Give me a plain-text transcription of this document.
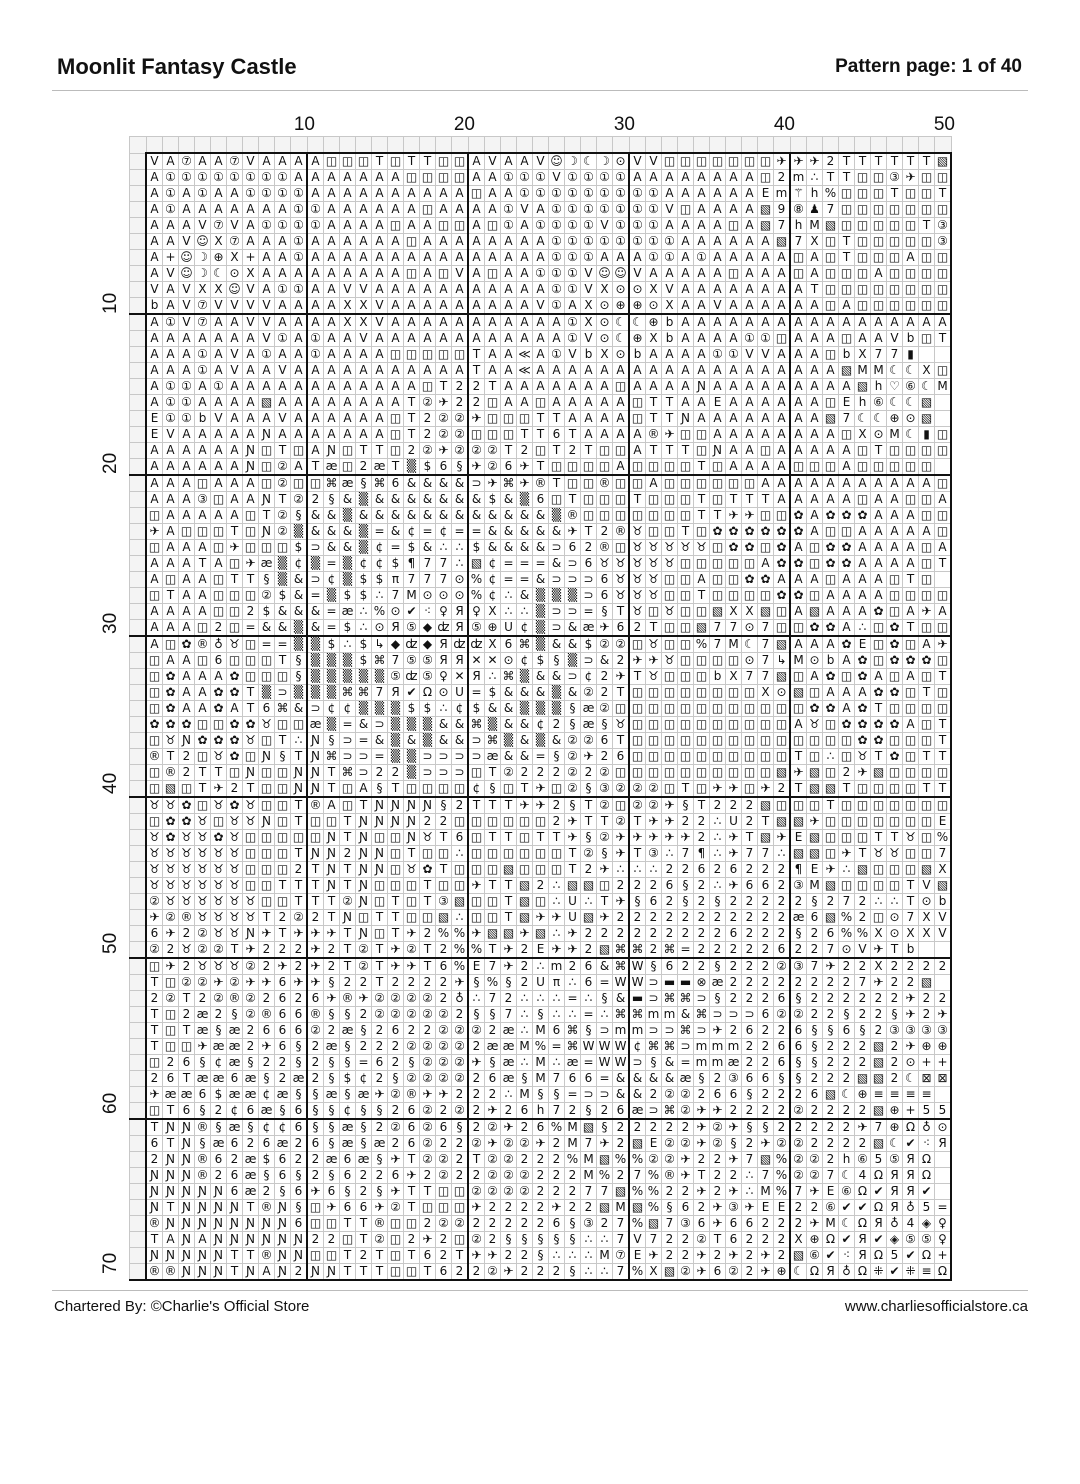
Moonlit Fantasy Castle	Pattern page: 1 of 40
10	20	30	40	50
10
20
30
40
50
60
70

	V	A	⑦	A	A	⑦	V	A	A	A	A	◫	◫	◫	T	◫	T	T	◫	◫	A	V	A	A	V	☺	☽	☾	☽	⊙	V	V	◫	◫	◫	◫	◫	◫	◫	✈	✈	✈	2	T	T	T	T	T	T	▧
	A	①	①	①	①	①	①	①	①	A	A	A	A	A	A	A	◫	◫	◫	◫	A	A	①	①	①	V	①	①	①	①	A	A	A	A	A	A	A	A	◫	2	m	∴	T	T	◫	◫	③	✈	◫	◫
	A	①	A	①	A	A	①	①	①	①	A	A	A	A	A	A	A	A	A	A	◫	A	A	①	①	①	①	①	①	①	①	①	A	A	A	A	A	A	E	m	⚚	h	%	◫	◫	◫	T	◫	◫	T
	A	①	A	A	A	A	A	A	A	①	①	A	A	A	A	A	A	◫	A	A	A	A	①	V	A	①	①	①	①	①	①	①	V	◫	A	A	A	A	▧	9	⑧	♟	7	◫	◫	◫	◫	◫	◫	◫
	A	A	A	V	⑦	V	A	①	①	①	①	A	A	A	A	◫	A	A	◫	◫	A	◫	①	A	①	①	①	①	V	①	①	①	A	A	A	A	◫	A	▧	7	h	M	▧	◫	◫	◫	◫	◫	T	③
	A	A	V	☺	X	⑦	A	A	A	①	A	A	A	A	A	A	◫	A	A	A	A	A	A	A	A	①	①	①	①	①	①	①	①	A	A	A	A	A	A	▧	7	X	◫	T	◫	◫	◫	◫	◫	③
	A	+	☺	☽	⊕	X	+	A	A	①	A	A	A	A	A	A	A	A	A	A	A	A	A	A	A	①	①	①	A	A	A	①	①	A	①	A	A	A	A	A	◫	A	◫	T	◫	◫	◫	A	◫	◫
	A	V	☺	☽	☾	⊙	X	A	A	A	A	A	A	A	A	A	◫	A	◫	V	A	◫	A	A	①	①	①	V	☺	☺	V	A	A	A	A	A	◫	A	A	A	◫	A	◫	◫	◫	A	◫	◫	◫	◫
	V	A	V	X	X	☺	V	A	①	①	A	A	V	V	A	A	A	A	A	A	A	A	A	A	A	①	①	V	X	⊙	⊙	X	V	A	A	A	A	A	A	A	A	T	◫	◫	◫	◫	◫	◫	◫	◫
	b	A	V	⑦	V	V	V	V	A	A	A	A	X	X	V	A	A	A	A	A	A	A	A	A	V	①	A	X	⊙	⊕	⊕	⊙	X	A	A	V	A	A	A	A	A	A	◫	A	◫	◫	◫	◫	◫	◫
	A	①	V	⑦	A	A	V	V	A	A	A	A	X	X	V	A	A	A	A	A	A	A	A	A	A	A	①	X	⊙	☾	☾	⊕	b	A	A	A	A	A	A	A	A	A	A	A	A	A	A	A	A	A
	A	A	A	A	A	A	A	V	①	A	①	A	A	V	A	A	A	A	A	A	A	A	A	A	A	A	①	V	⊙	☾	⊕	X	b	A	A	A	A	①	①	◫	A	A	A	◫	A	A	V	b	◫	T
	A	A	A	①	A	V	A	①	A	A	①	A	A	A	A	◫	◫	◫	◫	◫	T	A	A	≪	A	①	V	b	X	⊙	b	A	A	A	A	①	①	V	V	A	A	A	◫	b	X	7	7	▮		
	A	A	A	①	A	V	A	A	V	A	A	A	A	A	A	A	A	A	A	A	T	A	A	≪	A	A	A	A	A	A	A	A	A	A	A	A	A	A	A	A	A	A	A	▧	M	M	☾	☾	X	◫
	A	①	①	A	①	A	A	A	A	A	A	A	A	A	A	A	A	◫	T	2	2	T	A	A	A	A	A	A	A	◫	A	A	A	A	Ɲ	A	A	A	A	A	A	A	A	A	▧	h	♡	⑥	☾	M
	A	①	①	A	A	A	A	▧	A	A	A	A	A	A	A	A	T	②	✈	2	2	◫	A	A	◫	A	A	A	A	A	◫	T	T	A	A	E	A	A	A	A	A	A	◫	E	h	⑥	☾	☾	▧	
	E	①	①	b	V	A	A	A	V	A	A	A	A	A	A	◫	T	2	②	②	✈	◫	◫	◫	T	T	A	A	A	A	◫	T	T	Ɲ	A	A	A	A	A	A	A	A	▧	7	☾	☾	⊕	⊙	▧	
	E	V	A	A	A	A	A	Ɲ	A	A	A	A	A	A	A	◫	T	2	②	②	◫	◫	◫	T	T	6	T	A	A	A	A	®	✈	◫	◫	A	A	A	A	A	A	A	A	◫	X	⊙	M	☾	▮	◫
	A	A	A	A	A	A	Ɲ	◫	T	◫	A	Ɲ	◫	T	T	◫	2	②	✈	②	②	②	T	2	◫	T	2	T	◫	◫	A	T	T	T	◫	Ɲ	A	A	◫	A	A	A	A	A	◫	T	◫	◫	◫	◫
	A	A	A	A	A	A	Ɲ	◫	②	A	T	æ	◫	2	æ	T	▒	$	6	§	✈	②	6	✈	T	◫	◫	◫	◫	A	◫	◫	◫	◫	T	◫	A	A	A	A	◫	◫	◫	A	◫	◫	◫	◫	◫	
	A	A	A	◫	A	A	A	◫	②	◫	◫	⌘	æ	§	⌘	6	&	&	&	&	⊃	✈	⌘	✈	®	T	◫	◫	®	◫	◫	A	◫	◫	◫	◫	◫	◫	A	A	A	A	A	A	A	A	A	A	A	◫
	A	A	A	③	◫	A	A	Ɲ	T	②	2	§	&	▒	&	&	&	&	&	&	&	$	&	▒	6	◫	T	◫	◫	◫	T	◫	◫	◫	T	◫	T	T	T	A	A	A	A	A	◫	A	A	◫	◫	A
	◫	A	A	A	A	A	◫	T	②	§	&	&	▒	&	&	&	&	&	&	&	&	&	&	&	&	▒	®	◫	◫	◫	◫	◫	◫	◫	T	T	✈	✈	◫	◫	✿	A	✿	✿	✿	A	A	A	◫	◫
	✈	A	◫	◫	◫	T	◫	Ɲ	②	▒	&	&	&	▒	=	&	¢	=	¢	=	=	&	&	&	&	&	✈	T	2	®	♉	◫	◫	T	◫	✿	✿	✿	✿	✿	✿	A	◫	◫	A	A	A	A	A	◫
	◫	A	A	A	◫	✈	◫	◫	◫	$	⊃	&	&	▒	¢	=	$	&	∴	∴	$	&	&	&	&	⊃	6	2	®	◫	♉	♉	♉	♉	♉	◫	✿	✿	◫	✿	A	◫	✿	✿	A	A	A	A	◫	A
	A	A	A	T	A	◫	✈	æ	▒	¢	▒	=	▒	¢	¢	$	¶	7	7	∴	▧	¢	=	=	=	&	⊃	6	♉	♉	♉	♉	♉	◫	◫	◫	◫	◫	A	✿	✿	◫	✿	✿	A	A	A	A	◫	T
	A	◫	A	A	◫	T	T	§	▒	&	⊃	¢	▒	$	$	π	7	7	7	⊙	%	¢	=	=	&	⊃	⊃	⊃	6	♉	♉	♉	◫	◫	A	◫	◫	✿	✿	A	A	A	◫	A	A	A	◫	T	◫	
	◫	T	A	A	◫	◫	◫	②	$	&	=	▒	$	$	∴	7	M	⊙	⊙	⊙	%	¢	∴	&	▒	▒	▒	⊃	6	♉	♉	♉	◫	◫	T	◫	◫	◫	◫	✿	✿	◫	A	A	A	A	◫	◫	◫	◫
	A	A	A	A	◫	◫	2	$	&	&	&	=	æ	∴	%	⊙	✔	⁖	♀	Я	♀	X	∴	∴	▒	⊃	⊃	=	§	T	♉	◫	♉	◫	◫	▧	X	X	▧	◫	A	▧	A	A	A	✿	◫	A	✈	A
	A	A	A	◫	2	◫	=	&	&	▒	&	=	$	∴	⊙	Я	⑤	◆	ʣ	Я	⑤	⊕	U	¢	▒	⊃	&	æ	✈	6	2	T	◫	◫	▧	7	7	⊙	7	◫	◫	✿	✿	A	∴	◫	✿	T	◫	◫
	A	◫	✿	®	♁	♉	◫	=	=	▒	▒	$	∴	$	↳	◆	ʣ	◆	Я	ʣ	ʣ	X	6	⌘	▒	&	&	$	②	②	◫	♉	◫	◫	%	7	M	☾	7	▧	A	A	A	✿	E	◫	✿	◫	A	✈
	◫	A	A	◫	6	◫	◫	◫	T	§	▒	▒	▒	$	⌘	7	⑤	⑤	Я	Я	✕	✕	⊙	¢	$	§	▒	⊃	&	2	✈	✈	♉	◫	◫	◫	◫	⊙	7	↳	M	⊙	b	A	✿	◫	✿	✿	✿	◫
	◫	✿	A	A	A	✿	◫	◫	◫	§	▒	▒	▒	▒	▒	⑤	ʣ	⑤	♀	✕	Я	∴	⌘	▒	&	&	⊃	¢	2	✈	T	♉	◫	◫	◫	b	X	7	7	▧	◫	A	✿	◫	✿	A	◫	A	◫	T
	◫	✿	A	A	✿	✿	T	▒	⊃	▒	▒	▒	⌘	⌘	7	Я	✔	Ω	⊙	U	=	$	&	&	&	▒	&	②	2	T	◫	◫	◫	◫	◫	◫	◫	◫	X	⊙	▧	◫	A	A	A	✿	✿	◫	T	◫
	◫	✿	A	A	✿	A	T	6	⌘	&	⊃	¢	¢	▒	▒	▒	$	$	∴	¢	$	&	&	▒	▒	▒	§	æ	②	◫	◫	◫	◫	◫	◫	◫	◫	◫	◫	◫	◫	✿	✿	A	✿	T	◫	◫	◫	◫
	✿	✿	✿	◫	◫	✿	✿	♉	◫	◫	æ	▒	=	&	⊃	▒	▒	▒	&	&	⌘	▒	&	&	¢	2	§	æ	§	♉	◫	◫	◫	◫	◫	◫	◫	◫	◫	◫	A	♉	◫	✿	✿	✿	✿	A	◫	T
	◫	♉	Ɲ	✿	✿	✿	♉	◫	T	∴	Ɲ	§	⊃	=	&	▒	&	▒	&	&	⊃	⌘	▒	&	▒	&	②	②	6	T	◫	◫	◫	◫	◫	◫	◫	◫	◫	◫	◫	◫	◫	◫	✿	✿	◫	◫	◫	T
	®	T	2	◫	♉	✿	◫	Ɲ	§	T	Ɲ	⌘	⊃	⊃	=	▒	▒	⊃	⊃	⊃	⊃	æ	&	&	=	§	②	✈	2	6	◫	◫	◫	◫	◫	◫	◫	◫	◫	◫	T	◫	∴	◫	♉	T	✿	◫	T	T
	◫	®	2	T	T	◫	Ɲ	◫	◫	Ɲ	Ɲ	T	⌘	⊃	2	2	▒	⊃	⊃	⊃	◫	T	②	2	2	2	②	2	②	◫	◫	◫	◫	◫	◫	◫	◫	◫	◫	▧	✈	▧	◫	2	✈	▧	◫	◫	◫	◫
	◫	▧	◫	T	✈	2	T	◫	◫	Ɲ	Ɲ	T	◫	A	§	T	◫	◫	◫	◫	¢	§	◫	T	✈	◫	②	§	③	②	②	②	◫	T	◫	✈	✈	◫	✈	2	T	▧	▧	T	◫	◫	◫	◫	T	T
	♉	♉	✿	◫	♉	✿	♉	◫	◫	T	®	A	◫	T	Ɲ	Ɲ	Ɲ	Ɲ	§	2	T	T	T	✈	✈	2	§	T	②	◫	②	②	✈	§	T	2	2	2	▧	◫	◫	◫	T	◫	◫	◫	◫	◫	◫	◫
	◫	✿	✿	♉	◫	♉	♉	Ɲ	◫	T	◫	◫	T	Ɲ	Ɲ	Ɲ	Ɲ	2	2	◫	◫	◫	◫	◫	◫	2	✈	T	T	②	T	✈	✈	2	2	∴	U	2	T	▧	▧	✈	◫	◫	◫	◫	◫	◫	◫	E
	♉	✿	♉	♉	✿	♉	◫	◫	◫	◫	◫	Ɲ	T	Ɲ	◫	◫	Ɲ	♉	T	6	◫	T	T	◫	T	T	✈	§	②	✈	✈	✈	✈	✈	2	∴	✈	T	▧	✈	E	▧	◫	◫	◫	T	T	♉	◫	%
	♉	♉	♉	♉	♉	♉	◫	◫	◫	T	Ɲ	Ɲ	2	Ɲ	Ɲ	◫	T	◫	◫	∴	◫	◫	◫	◫	◫	◫	T	②	§	✈	T	③	∴	7	¶	∴	✈	7	7	∴	▧	▧	◫	✈	T	♉	♉	◫	◫	7
	♉	♉	♉	♉	♉	♉	◫	◫	◫	2	T	Ɲ	T	Ɲ	Ɲ	◫	♉	✿	T	◫	◫	◫	▧	◫	◫	◫	T	2	✈	∴	∴	∴	2	2	6	2	6	2	2	2	¶	E	✈	∴	▧	◫	◫	◫	▧	X
	♉	♉	♉	♉	♉	♉	◫	◫	T	T	T	Ɲ	T	Ɲ	◫	◫	◫	T	◫	◫	✈	T	T	▧	2	∴	▧	▧	◫	2	2	2	6	§	2	∴	✈	6	6	2	③	M	▧	◫	◫	◫	◫	T	V	▧
	②	♉	♉	♉	♉	♉	♉	◫	◫	T	T	T	②	Ɲ	◫	T	◫	T	③	▧	◫	◫	T	▧	◫	∴	U	∴	T	✈	§	6	2	§	2	§	2	2	2	2	2	§	2	7	2	∴	∴	T	⊙	b
	✈	②	®	♉	♉	♉	♉	T	2	②	2	T	Ɲ	◫	T	T	◫	◫	▧	∴	◫	◫	T	▧	✈	✈	U	▧	✈	2	2	2	2	2	2	2	2	2	2	2	æ	6	▧	%	2	◫	⊙	7	X	V
	6	✈	2	②	♉	♉	Ɲ	✈	T	✈	✈	✈	T	Ɲ	◫	T	✈	2	%	%	✈	▧	▧	✈	▧	∴	✈	2	2	2	2	2	2	2	2	2	6	2	2	2	§	2	6	%	%	X	⊙	X	X	V
	②	2	♉	②	②	T	✈	2	2	2	✈	2	T	②	T	✈	②	T	2	%	%	T	✈	2	E	✈	✈	2	▧	⌘	⌘	2	⌘	=	2	2	2	2	2	6	2	2	7	⊙	V	✈	T	b		
	◫	✈	2	♉	♉	♉	②	2	✈	2	✈	2	T	②	T	✈	✈	T	6	%	E	7	✈	2	∴	m	2	6	&	⌘	W	§	6	2	2	§	2	2	2	②	③	7	✈	2	2	X	2	2	2	2
	T	◫	②	②	✈	②	✈	✈	6	✈	✈	§	2	2	T	2	2	2	2	✈	§	%	§	2	U	π	∴	6	=	W	W	⊃	▬	▬	⊗	æ	2	2	2	2	2	2	2	2	7	✈	2	2	▧	
	2	②	T	2	②	®	②	2	6	2	6	✈	®	✈	②	②	②	②	2	♁	∴	7	2	∴	∴	∴	=	∴	§	&	▬	⊃	⌘	⌘	⊃	§	2	2	2	6	§	2	2	2	2	2	2	✈	2	2
	T	◫	2	æ	2	§	②	®	6	6	®	§	§	2	②	②	②	②	②	2	§	§	7	∴	§	∴	∴	=	∴	⌘	⌘	m	m	&	⌘	⊃	⊃	⊃	6	②	②	2	2	§	2	2	§	✈	2	✈
	T	◫	T	æ	§	æ	2	6	6	6	②	2	æ	§	2	6	2	2	②	②	②	2	æ	∴	M	6	⌘	§	⊃	m	m	⊃	⊃	⌘	⊃	✈	2	6	2	2	6	§	§	6	§	2	③	③	③	③
	T	◫	◫	✈	æ	æ	2	✈	6	§	2	æ	§	2	2	2	②	②	②	②	2	æ	æ	M	%	=	⌘	W	W	W	¢	⌘	⌘	⊃	m	m	m	2	2	6	6	§	2	2	2	▧	2	✈	⊕	⊕
	◫	2	6	§	¢	æ	§	2	2	§	2	§	§	=	6	2	§	②	②	②	✈	§	æ	∴	M	∴	æ	=	W	W	⊃	§	&	=	m	m	æ	2	2	6	§	§	2	2	2	▧	2	⊙	+	+
	2	6	T	æ	æ	6	æ	§	2	æ	2	§	$	¢	2	§	②	②	②	②	2	6	æ	§	M	7	6	6	=	&	&	&	&	æ	§	2	③	6	6	§	§	2	2	2	▧	▧	2	☾	⊠	⊠
	✈	æ	æ	6	$	æ	æ	¢	æ	§	§	æ	§	æ	✈	②	®	✈	✈	2	2	2	∴	M	§	§	=	⊃	⊃	&	&	2	②	②	2	6	6	§	2	2	2	6	▧	☾	⊕	≡	≡	≡	≡	
	◫	T	6	§	2	¢	6	æ	§	6	§	§	¢	§	§	2	6	②	2	②	2	✈	2	6	h	7	2	§	2	6	æ	⊃	⌘	②	✈	✈	2	2	2	2	②	2	2	2	2	▧	⊕	+	5	5
	T	Ɲ	Ɲ	®	§	æ	§	¢	¢	6	§	§	æ	§	2	②	6	②	6	§	2	②	✈	2	6	%	M	▧	§	2	2	2	2	2	✈	②	✈	§	§	2	2	2	2	2	✈	7	⊕	Ω	♁	⊙
	6	T	Ɲ	§	æ	6	2	6	æ	2	6	§	æ	§	æ	2	6	②	2	2	②	✈	②	②	✈	2	M	7	✈	2	▧	E	②	②	✈	②	§	2	✈	②	②	2	2	2	2	▧	☾	✔	⁖	Я
	2	Ɲ	Ɲ	®	6	2	æ	$	6	2	2	æ	6	æ	§	✈	T	②	②	2	T	②	②	2	2	2	%	M	▧	%	%	②	②	✈	2	2	✈	7	▧	%	②	②	2	h	⑥	5	⑤	Я	Ω	
	Ɲ	Ɲ	Ɲ	®	2	6	æ	§	6	§	2	§	6	2	2	6	✈	2	②	2	2	②	②	②	2	2	2	M	%	2	7	%	®	✈	T	2	2	∴	7	%	②	②	7	☾	4	Ω	Я	Я	Ω	
	Ɲ	Ɲ	Ɲ	Ɲ	Ɲ	6	æ	2	§	6	✈	6	§	2	§	✈	T	T	◫	◫	②	②	②	②	2	2	2	7	7	▧	%	%	2	2	✈	2	✈	∴	M	%	7	✈	E	⑥	Ω	✔	Я	Я	✔	
	Ɲ	T	Ɲ	Ɲ	Ɲ	Ɲ	T	®	Ɲ	§	◫	✈	6	6	✈	②	T	◫	◫	◫	✈	2	2	2	2	✈	2	2	▧	M	▧	%	§	6	2	✈	③	✈	E	E	2	2	⑥	✔	✔	Ω	Я	♁	5	=
	®	Ɲ	Ɲ	Ɲ	Ɲ	Ɲ	Ɲ	Ɲ	Ɲ	6	◫	◫	T	T	®	◫	◫	2	②	②	2	2	2	2	2	6	§	③	2	7	%	▧	7	③	6	✈	6	6	2	2	2	✈	M	☾	Ω	Я	♁	4	◈	♀
	T	A	Ɲ	A	Ɲ	Ɲ	Ɲ	Ɲ	Ɲ	Ɲ	2	2	◫	T	②	◫	2	✈	2	◫	②	2	§	§	§	§	§	∴	∴	7	V	7	2	2	②	T	6	2	2	2	X	⊕	Ω	✔	Я	✔	◈	⑤	⑤	♀
	Ɲ	Ɲ	Ɲ	Ɲ	Ɲ	T	T	®	Ɲ	Ɲ	◫	◫	T	2	T	◫	T	6	2	T	✈	✈	2	2	§	∴	∴	∴	M	⑦	E	✈	2	2	✈	2	✈	2	✈	2	▧	⑥	✔	⁖	Я	Ω	5	✔	Ω	+
	®	®	Ɲ	Ɲ	Ɲ	T	Ɲ	A	Ɲ	2	Ɲ	Ɲ	T	T	T	◫	◫	T	6	2	2	②	✈	2	2	2	§	∴	∴	7	%	X	▧	②	✈	6	②	2	✈	⊕	☾	Ω	Я	♁	Ω	⁜	✔	⁜	≡	Ω
Chartered By: ©Charlie's Official Store	www.charliesofficialstore.ca
